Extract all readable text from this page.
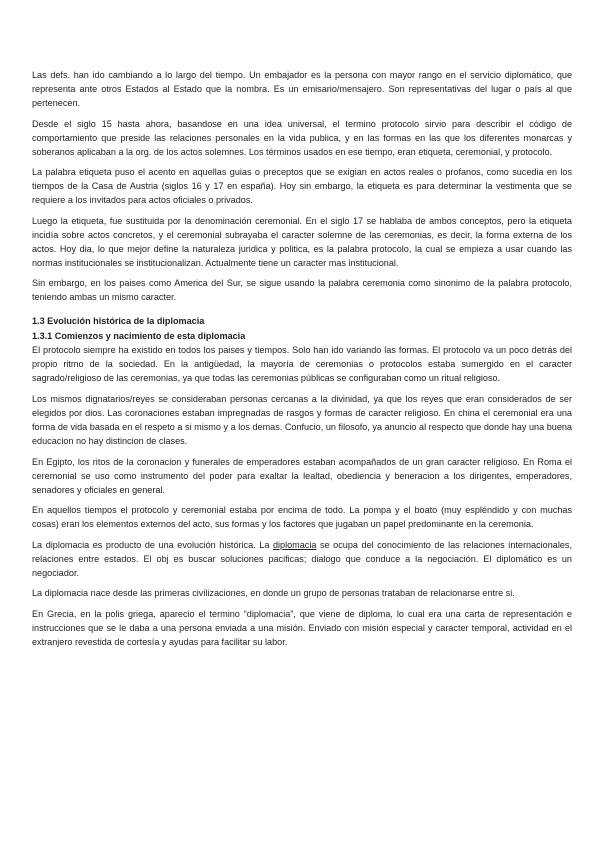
Las defs. han ido cambiando a lo largo del tiempo. Un embajador es la persona con mayor rango en el servicio diplomático, que representa ante otros Estados al Estado que la nombra. Es un emisario/mensajero. Son representativas del lugar o país al que pertenecen.

Desde el siglo 15 hasta ahora, basandose en una idea universal, el termino protocolo sirvio para describir el código de comportamiento que preside las relaciones personales en la vida publica, y en las formas en las que los diferentes monarcas y soberanos aplicaban a la org. de los actos solemnes. Los términos usados en ese tiempo, eran etiqueta, ceremonial, y protocolo.

La palabra etiqueta puso el acento en aquellas guias o preceptos que se exigian en actos reales o profanos, como sucedia en los tiempos de la Casa de Austria (siglos 16 y 17 en españa). Hoy sin embargo, la etiqueta es para determinar la vestimenta que se requiere a los invitados para actos oficiales o privados.

Luego la etiqueta, fue sustituida por la denominación ceremonial. En el siglo 17 se hablaba de ambos conceptos, pero la etiqueta incidía sobre actos concretos, y el ceremonial subrayaba el caracter solemne de las ceremonias, es decir, la forma externa de los actos. Hoy dia, lo que mejor define la naturaleza juridica y politica, es la palabra protocolo, la cual se empieza a usar cuando las normas institucionales se institucionalizan. Actualmente tiene un caracter mas institucional.

Sin embargo, en los paises como America del Sur, se sigue usando la palabra ceremonia como sinonimo de la palabra protocolo, teniendo ambas un mismo caracter.

1.3 Evolución histórica de la diplomacia
1.3.1 Comienzos y nacimiento de esta diplomacia

El protocolo siempre ha existido en todos los paises y tiempos. Solo han ido variando las formas. El protocolo va un poco detrás del propio ritmo de la sociedad. En la antigüedad, la mayoría de ceremonias o protocolos estaba sumergido en el caracter sagrado/religioso de las ceremonias, ya que todas las ceremonias públicas se configuraban como un ritual religioso.

Los mismos dignatarios/reyes se consideraban personas cercanas a la divinidad, ya que los reyes que eran considerados de ser elegidos por dios. Las coronaciones estaban impregnadas de rasgos y formas de caracter religioso. En china el ceremonial era una forma de vida basada en el respeto a si mismo y a los demas. Confucio, un filosofo, ya anuncio al respecto que donde hay una buena educacion no hay distincion de clases.

En Egipto, los ritos de la coronacion y funerales de emperadores estaban acompañados de un gran caracter religioso. En Roma el ceremonial se uso como instrumento del poder para exaltar la lealtad, obediencia y beneracion a los dirigentes, emperadores, senadores y oficiales en general.

En aquellos tiempos el protocolo y ceremonial estaba por encima de todo. La pompa y el boato (muy espléndido y con muchas cosas) eran los elementos externos del acto, sus formas y los factores que jugaban un papel predominante en la ceremonia.

La diplomacia es producto de una evolución histórica. La diplomacia se ocupa del conocimiento de las relaciones internacionales, relaciones entre estados. El obj es buscar soluciones pacificas; dialogo que conduce a la negociación. El diplomático es un negociador.

La diplomacia nace desde las primeras civilizaciones, en donde un grupo de personas trataban de relacionarse entre si.

En Grecia, en la polis griega, aparecio el termino “diplomacia”, que viene de diploma, lo cual era una carta de representación e instrucciones que se le daba a una persona enviada a una misión. Enviado con misión especial y caracter temporal, actividad en el extranjero revestida de cortesía y ayudas para facilitar su labor.
